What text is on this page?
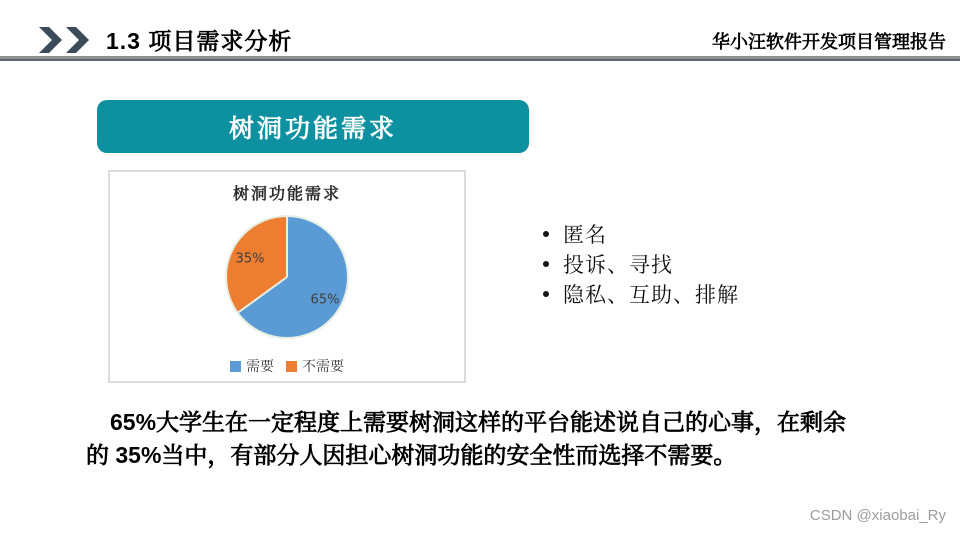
1.3 项目需求分析	华小汪软件开发项目管理报告
树洞功能需求
树洞功能需求
65%
35%
需要 不需要
匿名
投诉、寻找
隐私、互助、排解
65%大学生在一定程度上需要树洞这样的平台能述说自己的心事，在剩余
的 35%当中，有部分人因担心树洞功能的安全性而选择不需要。
CSDN @xiaobai_Ry
